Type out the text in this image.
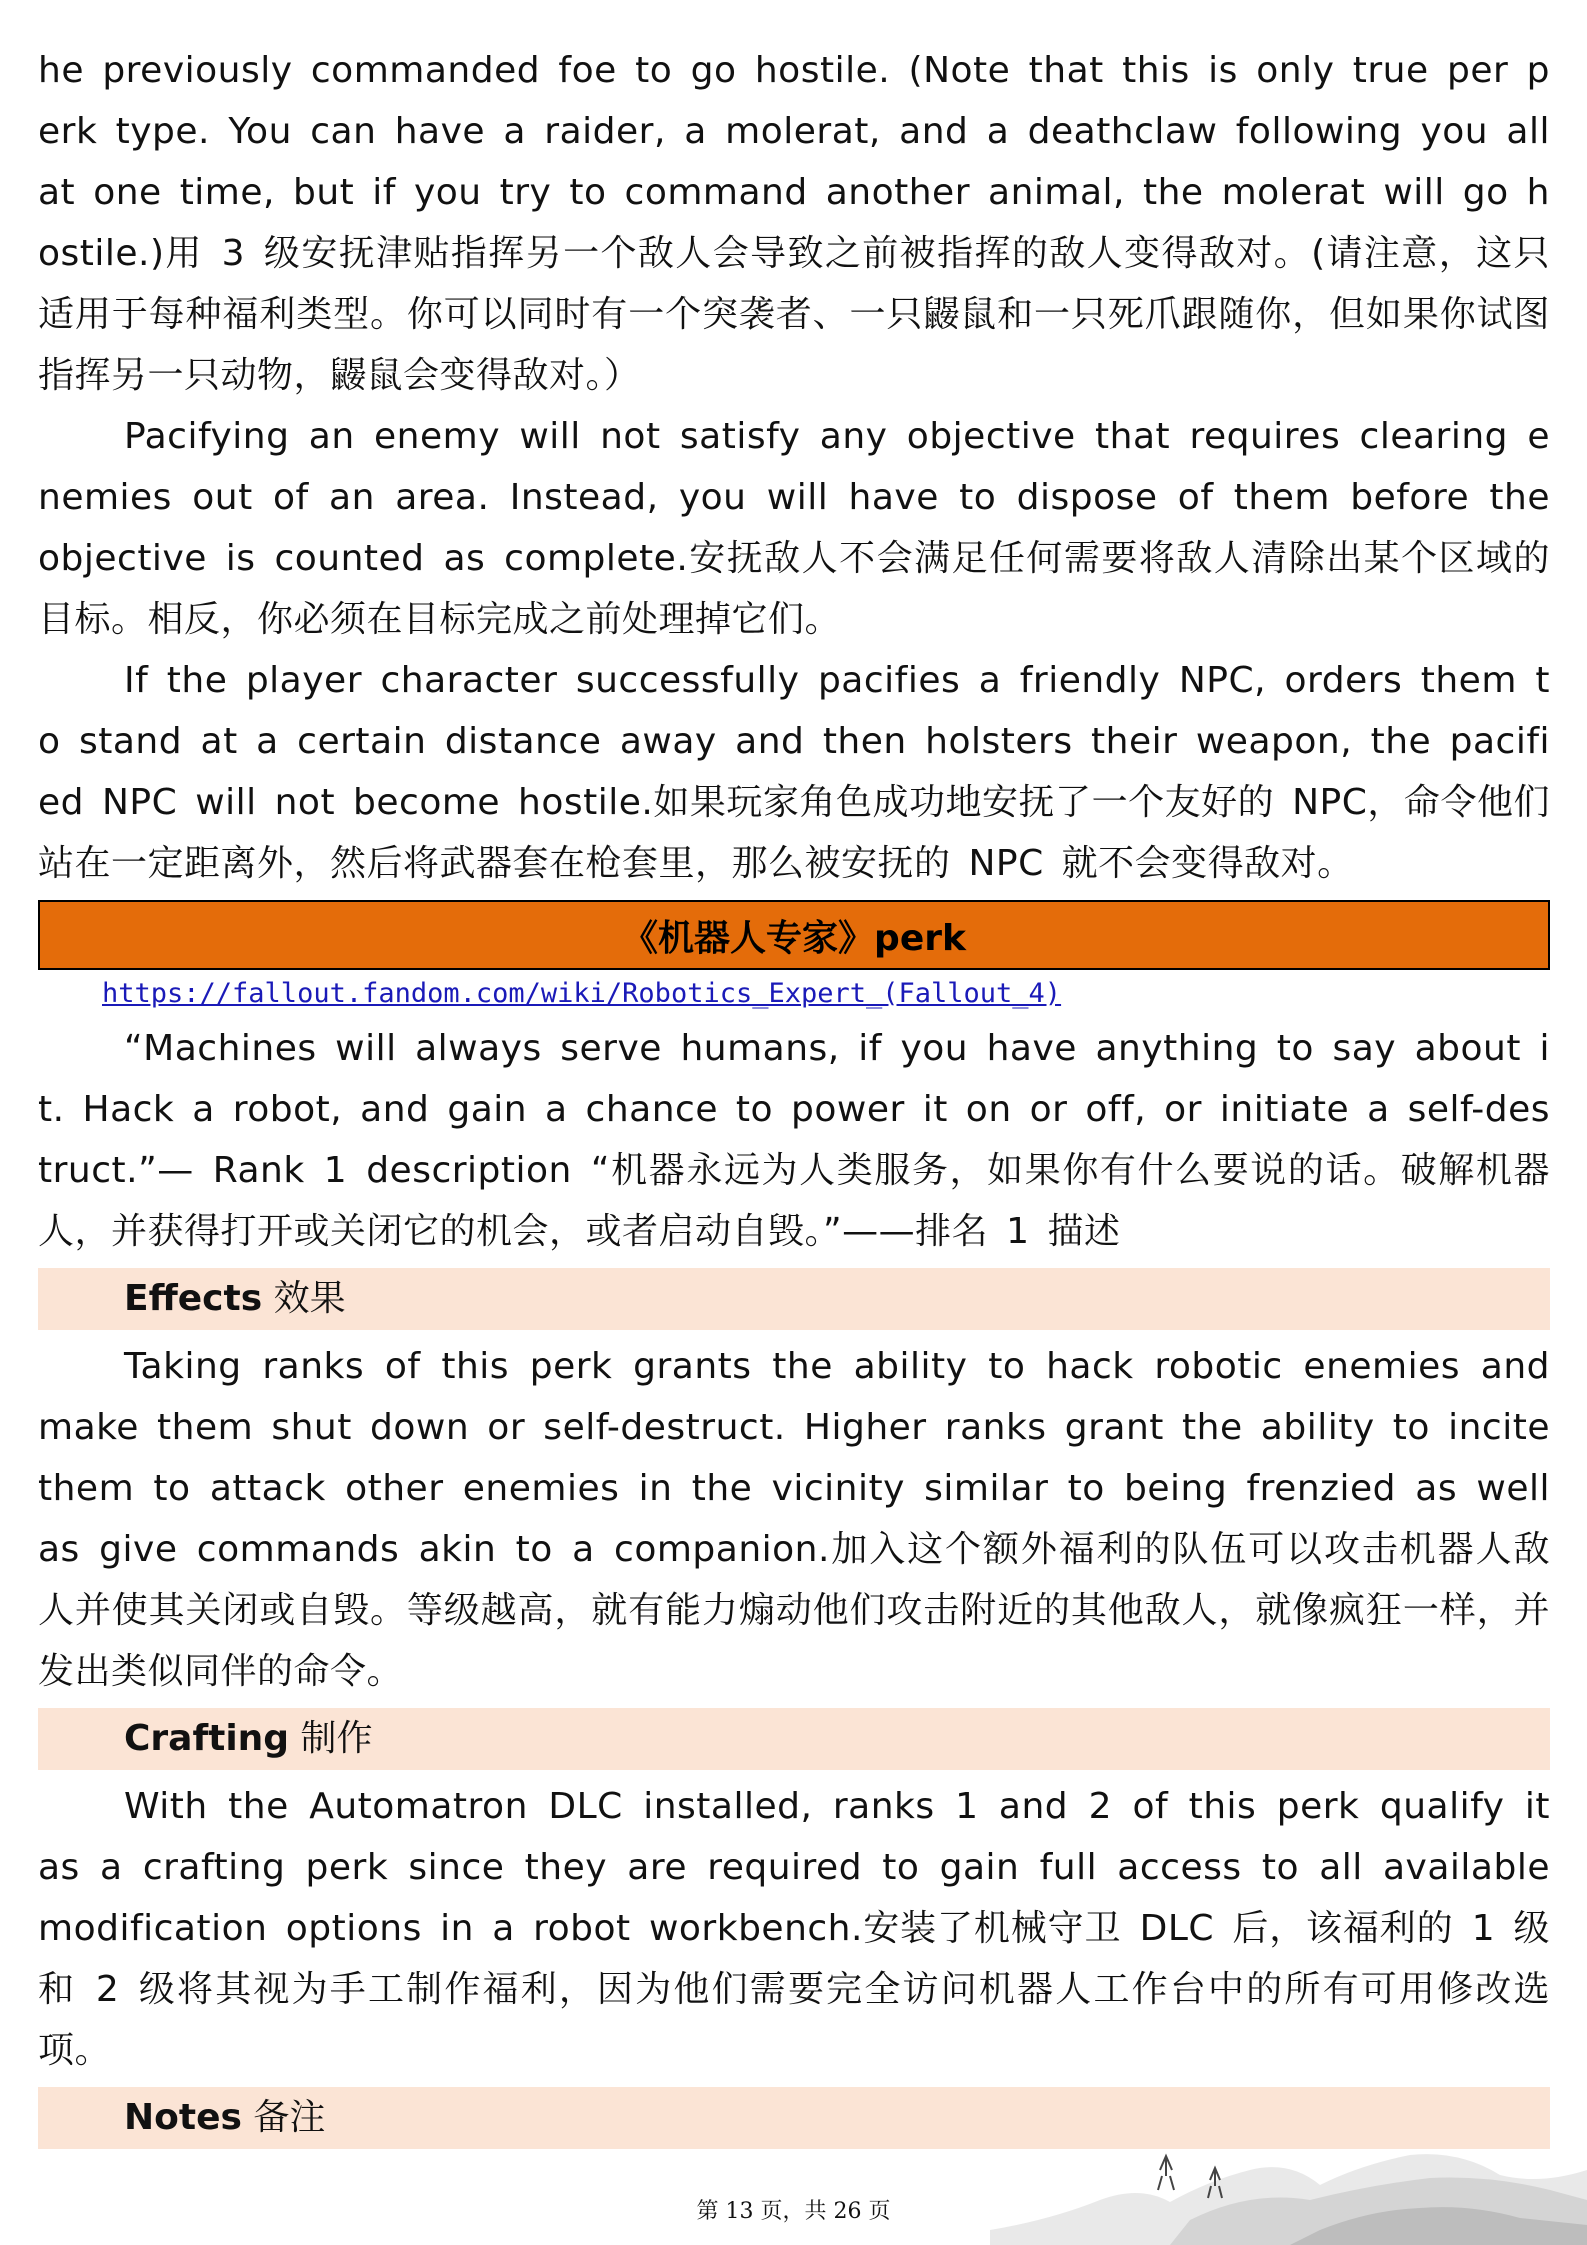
he previously commanded foe to go hostile. (Note that this is only true per perk type. You can have a raider, a molerat, and a deathclaw following you all at one time, but if you try to command another animal, the molerat will go hostile.)用 3 级安抚津贴指挥另一个敌人会导致之前被指挥的敌人变得敌对。(请注意，这只适用于每种福利类型。你可以同时有一个突袭者、一只鼹鼠和一只死爪跟随你，但如果你试图指挥另一只动物，鼹鼠会变得敌对。）

Pacifying an enemy will not satisfy any objective that requires clearing enemies out of an area. Instead, you will have to dispose of them before the objective is counted as complete.安抚敌人不会满足任何需要将敌人清除出某个区域的目标。相反，你必须在目标完成之前处理掉它们。

If the player character successfully pacifies a friendly NPC, orders them to stand at a certain distance away and then holsters their weapon, the pacified NPC will not become hostile.如果玩家角色成功地安抚了一个友好的 NPC，命令他们站在一定距离外，然后将武器套在枪套里，那么被安抚的 NPC 就不会变得敌对。

《机器人专家》perk
https://fallout.fandom.com/wiki/Robotics_Expert_(Fallout_4)

“Machines will always serve humans, if you have anything to say about it. Hack a robot, and gain a chance to power it on or off, or initiate a self-destruct.”— Rank 1 description “机器永远为人类服务，如果你有什么要说的话。破解机器人，并获得打开或关闭它的机会，或者启动自毁。”——排名 1 描述

Effects 效果

Taking ranks of this perk grants the ability to hack robotic enemies and make them shut down or self-destruct. Higher ranks grant the ability to incite them to attack other enemies in the vicinity similar to being frenzied as well as give commands akin to a companion.加入这个额外福利的队伍可以攻击机器人敌人并使其关闭或自毁。等级越高，就有能力煽动他们攻击附近的其他敌人，就像疯狂一样，并发出类似同伴的命令。

Crafting 制作

With the Automatron DLC installed, ranks 1 and 2 of this perk qualify it as a crafting perk since they are required to gain full access to all available modification options in a robot workbench.安装了机械守卫 DLC 后，该福利的 1 级和 2 级将其视为手工制作福利，因为他们需要完全访问机器人工作台中的所有可用修改选项。

Notes 备注
第 13 页，共 26 页
